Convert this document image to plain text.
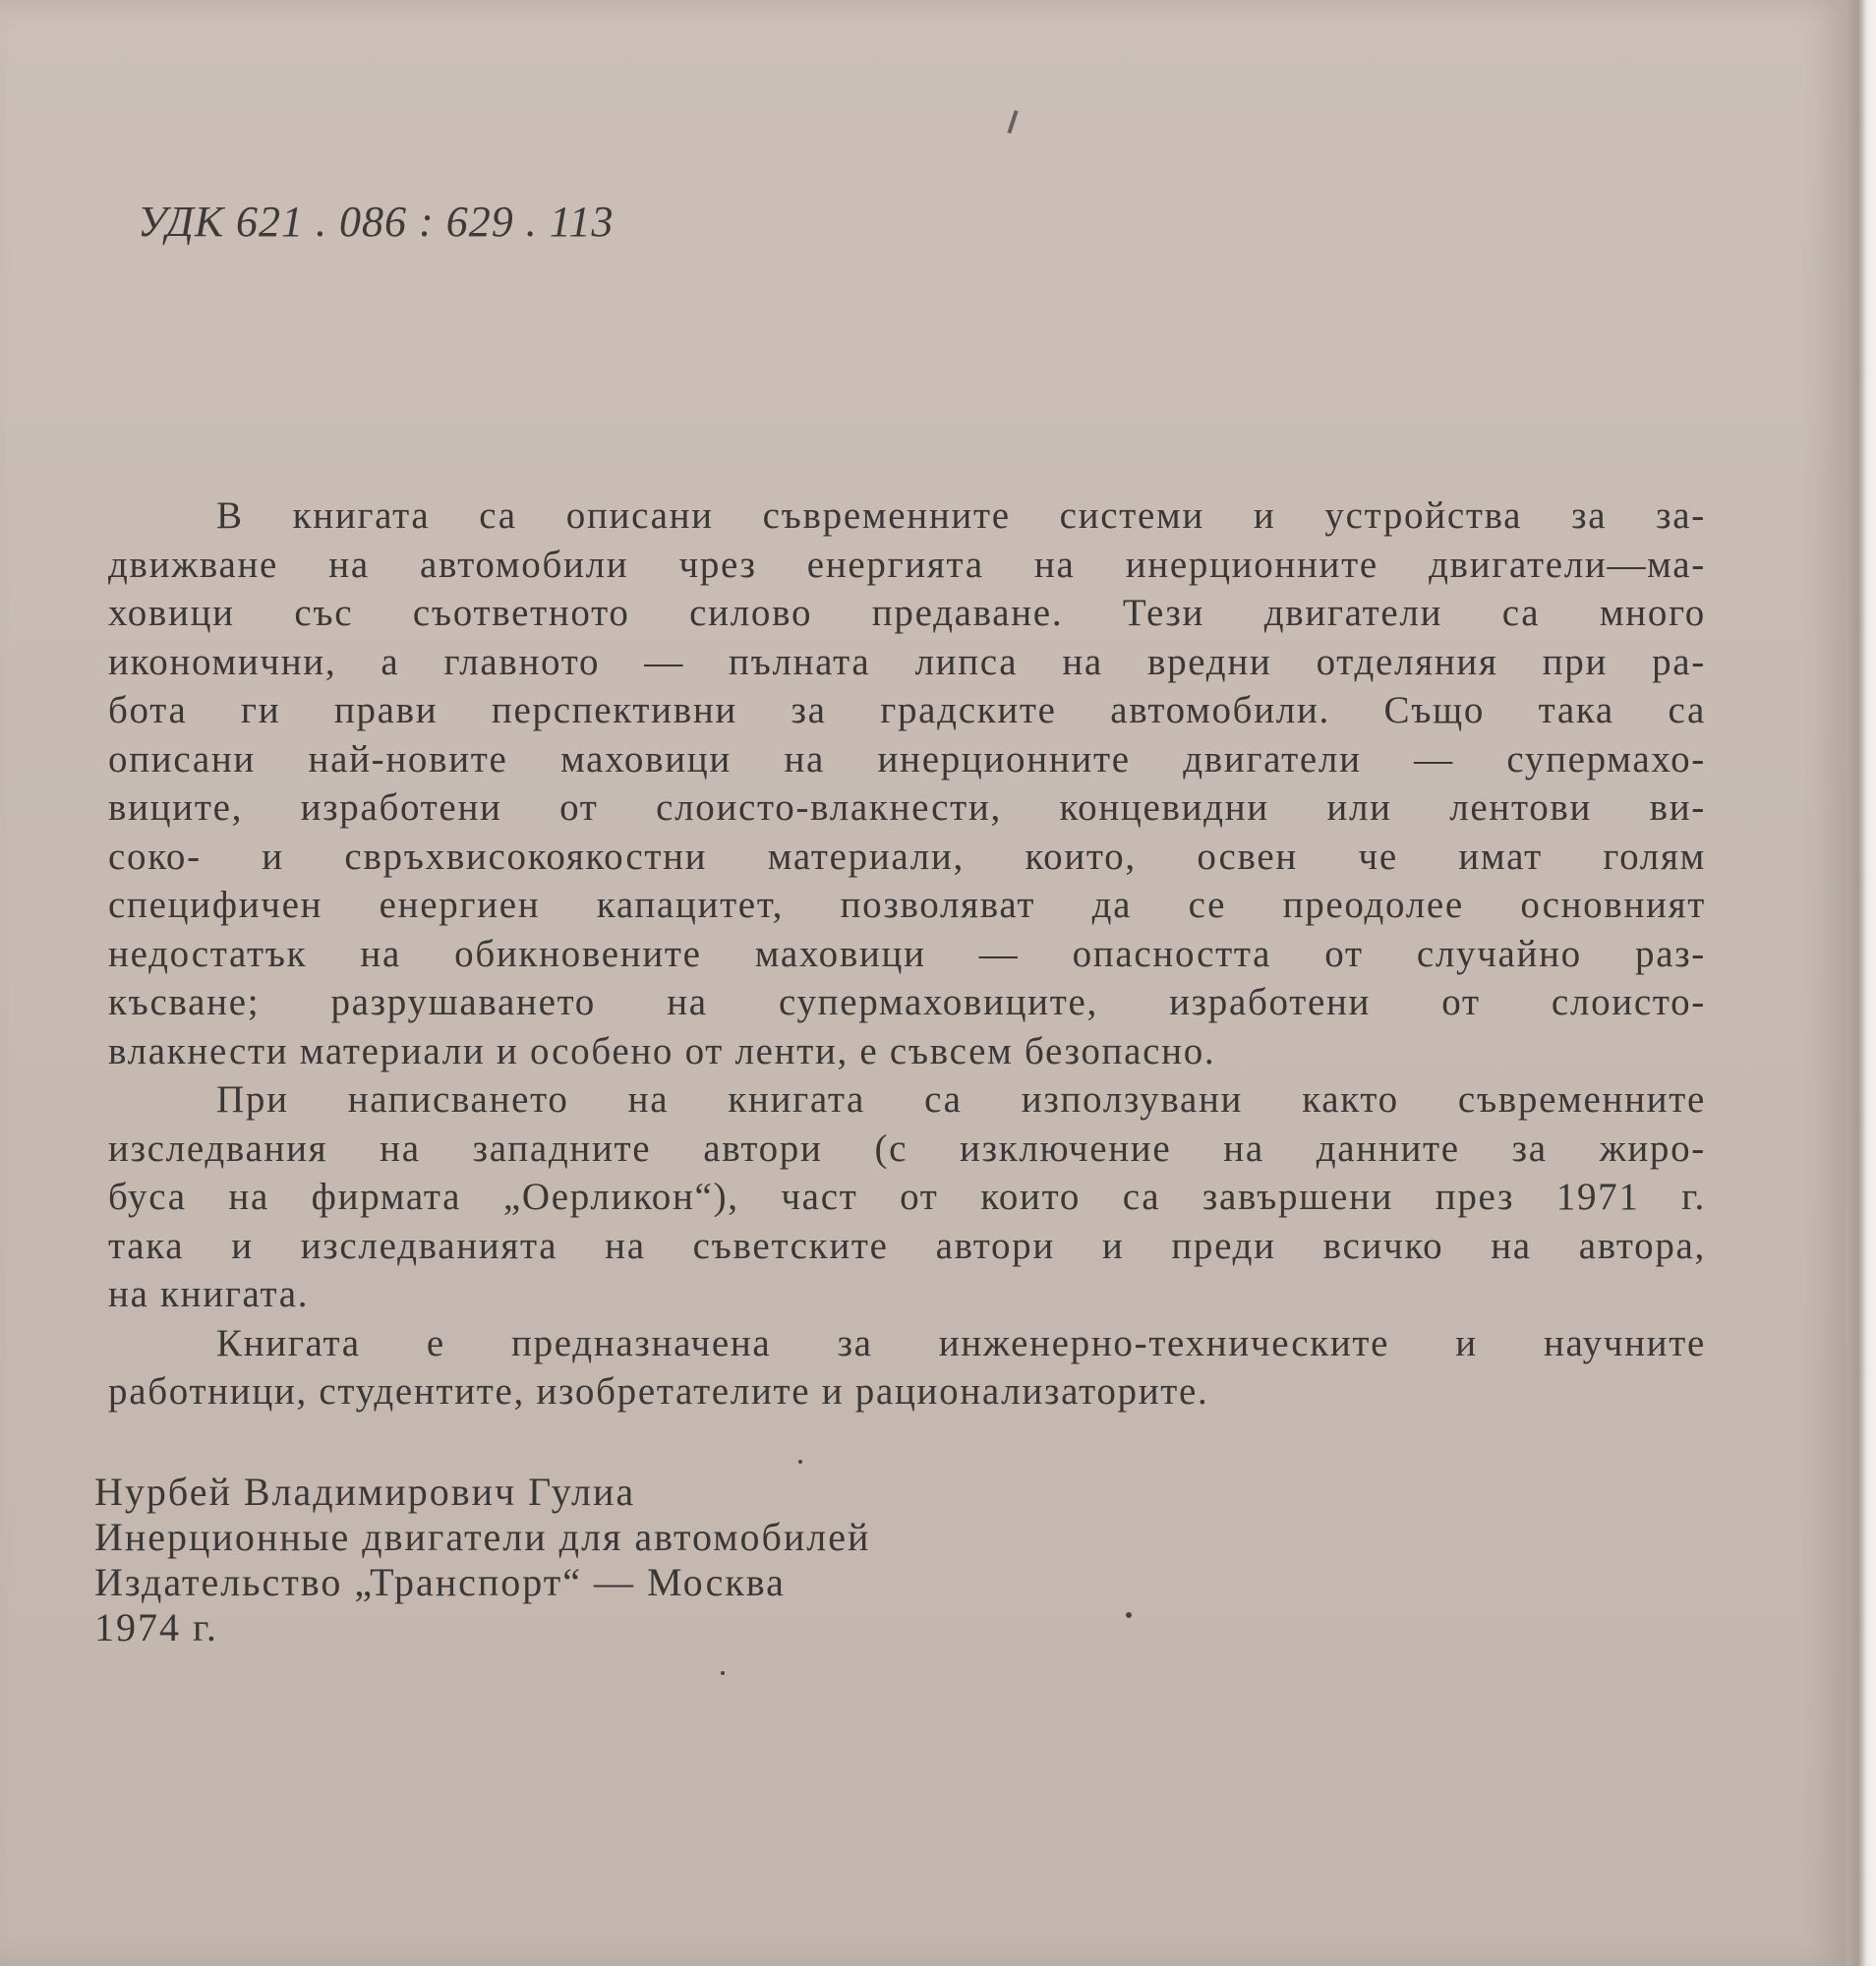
УДК 621 . 086 : 629 . 113

В книгата са описани съвременните системи и устройства за за-
движване на автомобили чрез енергията на инерционните двигатели—ма-
ховици със съответното силово предаване. Тези двигатели са много
икономични, а главното — пълната липса на вредни отделяния при ра-
бота ги прави перспективни за градските автомобили. Също така са
описани най-новите маховици на инерционните двигатели — супермахо-
виците, изработени от слоисто-влакнести, концевидни или лентови ви-
соко- и свръхвисокоякостни материали, които, освен че имат голям
специфичен енергиен капацитет, позволяват да се преодолее основният
недостатък на обикновените маховици — опасността от случайно раз-
късване; разрушаването на супермаховиците, изработени от слоисто-
влакнести материали и особено от ленти, е съвсем безопасно.

При написването на книгата са използувани както съвременните
изследвания на западните автори (с изключение на данните за жиро-
буса на фирмата „Оерликон“), част от които са завършени през 1971 г.
така и изследванията на съветските автори и преди всичко на автора,
на книгата.

Книгата е предназначена за инженерно-техническите и научните
работници, студентите, изобретателите и рационализаторите.

Нурбей Владимирович Гулиа
Инерционные двигатели для автомобилей
Издательство „Транспорт“ — Москва
1974 г.
